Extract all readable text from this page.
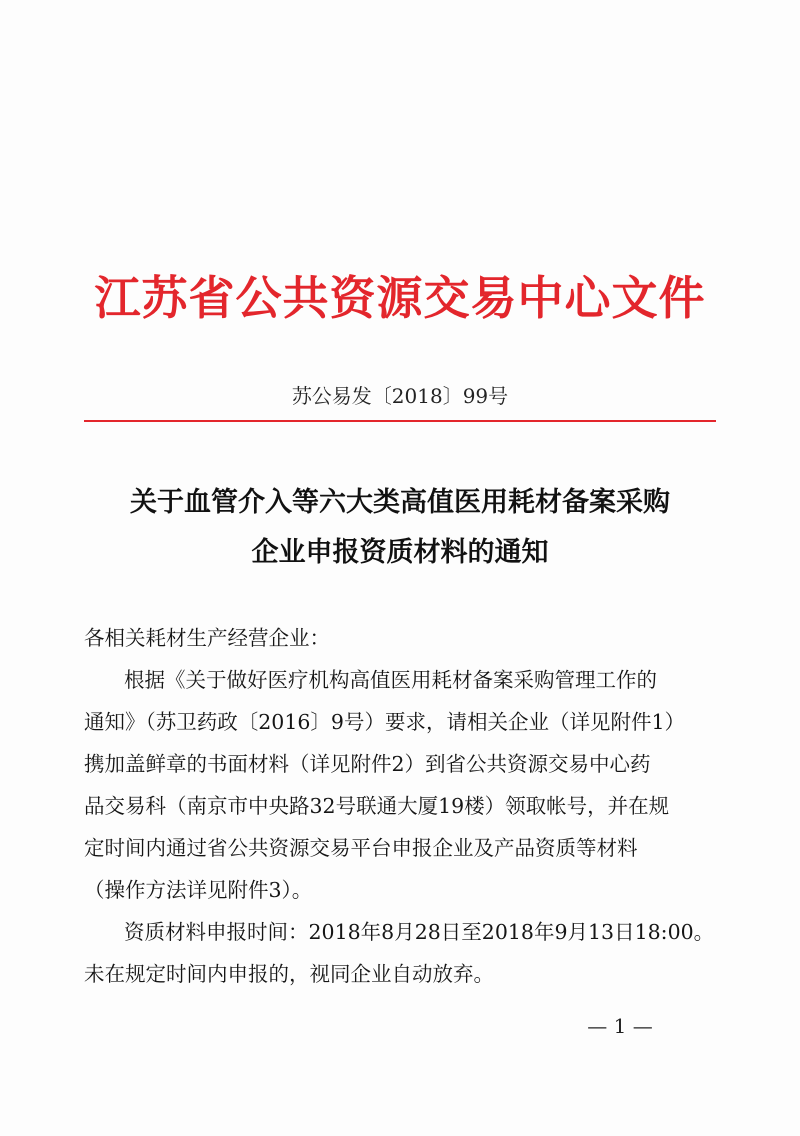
江苏省公共资源交易中心文件
苏公易发〔2018〕99号
关于血管介入等六大类高值医用耗材备案采购
企业申报资质材料的通知
各相关耗材生产经营企业：
根据《关于做好医疗机构高值医用耗材备案采购管理工作的
通知》（苏卫药政〔2016〕9号）要求，请相关企业（详见附件1）
携加盖鲜章的书面材料（详见附件2）到省公共资源交易中心药
品交易科（南京市中央路32号联通大厦19楼）领取帐号，并在规
定时间内通过省公共资源交易平台申报企业及产品资质等材料
（操作方法详见附件3）。
资质材料申报时间：2018年8月28日至2018年9月13日18:00。
未在规定时间内申报的，视同企业自动放弃。
— 1 —
